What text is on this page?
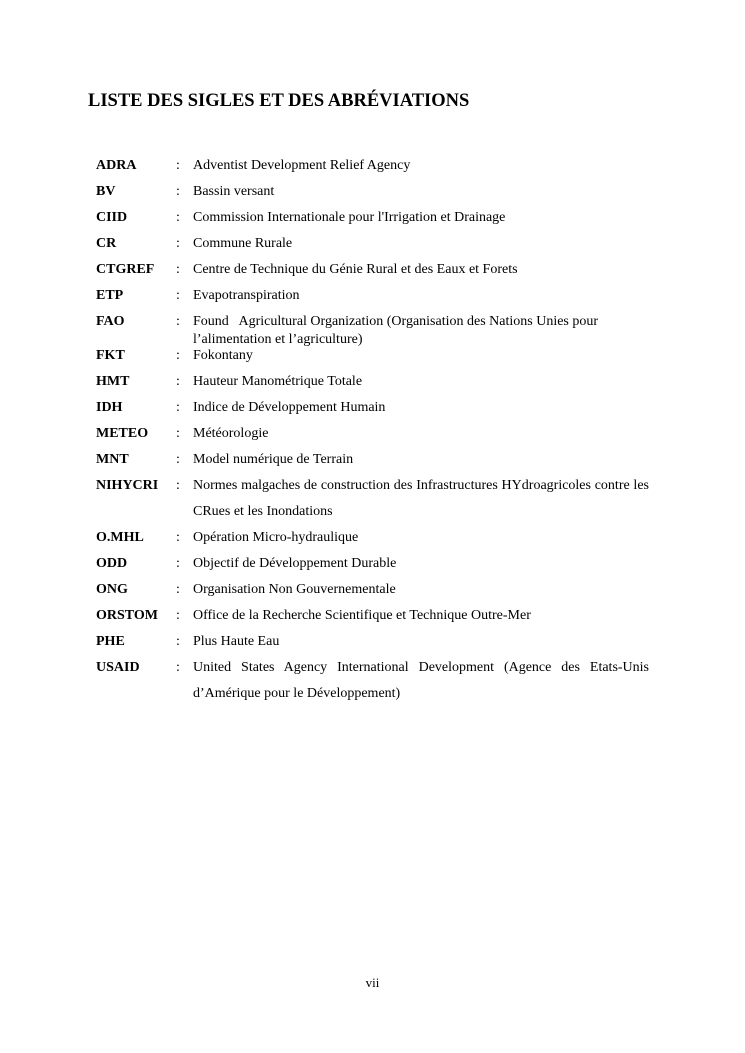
LISTE DES SIGLES ET DES ABRÉVIATIONS
ADRA	: Adventist Development Relief Agency
BV	: Bassin versant
CIID	: Commission Internationale pour l'Irrigation et Drainage
CR	: Commune Rurale
CTGREF	: Centre de Technique du Génie Rural et des Eaux et Forets
ETP	: Evapotranspiration
FAO	: Found   Agricultural Organization (Organisation des Nations Unies pour l’alimentation et l’agriculture)
FKT	: Fokontany
HMT	: Hauteur Manométrique Totale
IDH	: Indice de Développement Humain
METEO	: Météorologie
MNT	: Model numérique de Terrain
NIHYCRI	: Normes malgaches de construction des Infrastructures HYdroagricoles contre les CRues et les Inondations
O.MHL	: Opération Micro-hydraulique
ODD	: Objectif de Développement Durable
ONG	: Organisation Non Gouvernementale
ORSTOM	: Office de la Recherche Scientifique et Technique Outre-Mer
PHE	: Plus Haute Eau
USAID	: United States Agency International Development (Agence des Etats-Unis d’Amérique pour le Développement)
vii
